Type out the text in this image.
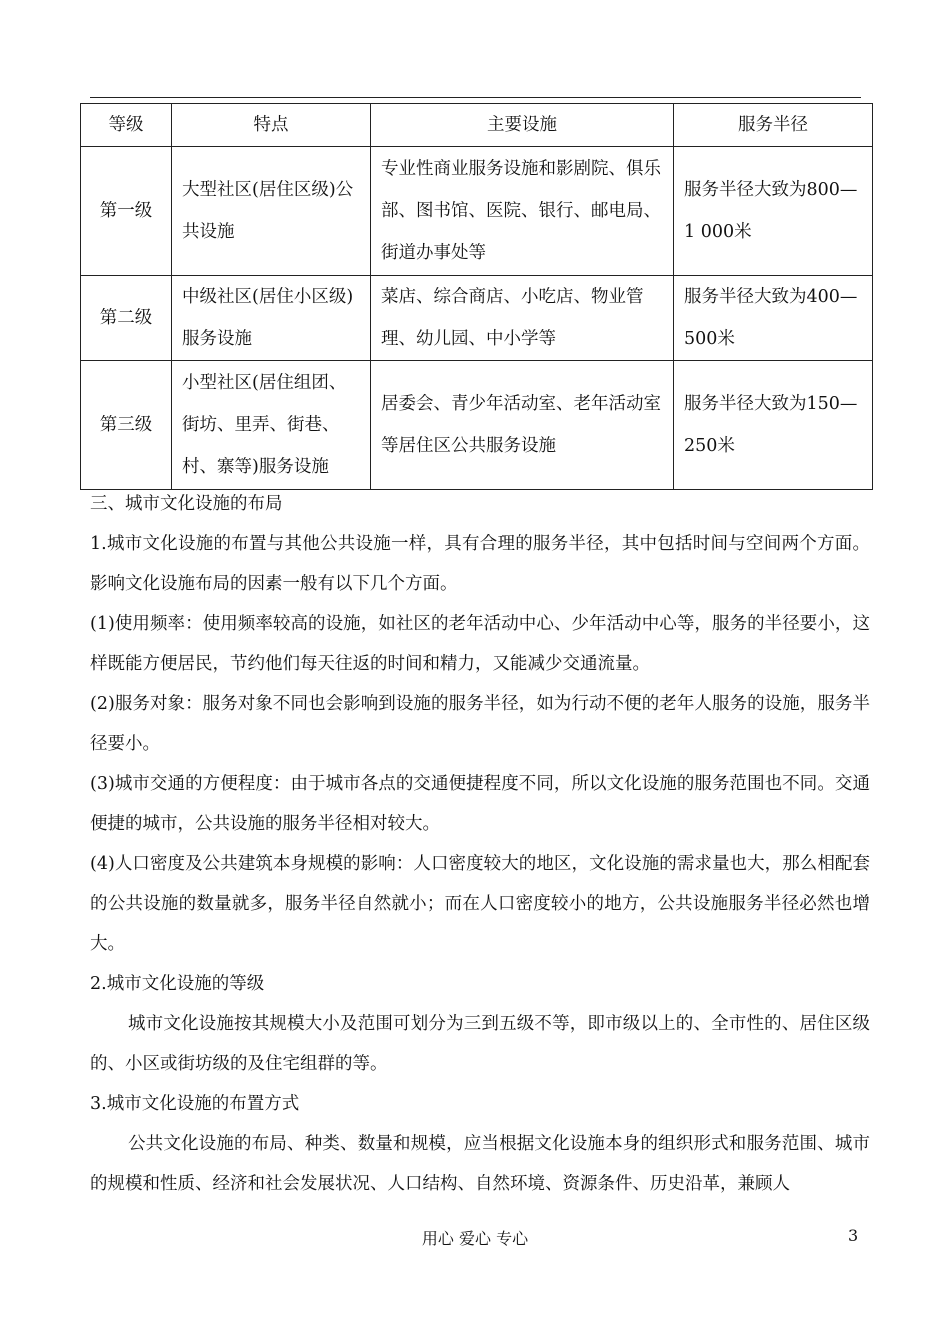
等级	特点	主要设施	服务半径
第一级	大型社区(居住区级)公共设施	专业性商业服务设施和影剧院、俱乐部、图书馆、医院、银行、邮电局、街道办事处等	服务半径大致为800—1 000米
第二级	中级社区(居住小区级)服务设施	菜店、综合商店、小吃店、物业管理、幼儿园、中小学等	服务半径大致为400—500米
第三级	小型社区(居住组团、街坊、里弄、街巷、村、寨等)服务设施	居委会、青少年活动室、老年活动室等居住区公共服务设施	服务半径大致为150—250米

三、城市文化设施的布局

1.城市文化设施的布置与其他公共设施一样，具有合理的服务半径，其中包括时间与空间两个方面。影响文化设施布局的因素一般有以下几个方面。

(1)使用频率：使用频率较高的设施，如社区的老年活动中心、少年活动中心等，服务的半径要小，这样既能方便居民，节约他们每天往返的时间和精力，又能减少交通流量。

(2)服务对象：服务对象不同也会影响到设施的服务半径，如为行动不便的老年人服务的设施，服务半径要小。

(3)城市交通的方便程度：由于城市各点的交通便捷程度不同，所以文化设施的服务范围也不同。交通便捷的城市，公共设施的服务半径相对较大。

(4)人口密度及公共建筑本身规模的影响：人口密度较大的地区，文化设施的需求量也大，那么相配套的公共设施的数量就多，服务半径自然就小；而在人口密度较小的地方，公共设施服务半径必然也增大。

2.城市文化设施的等级

城市文化设施按其规模大小及范围可划分为三到五级不等，即市级以上的、全市性的、居住区级的、小区或街坊级的及住宅组群的等。

3.城市文化设施的布置方式

公共文化设施的布局、种类、数量和规模，应当根据文化设施本身的组织形式和服务范围、城市的规模和性质、经济和社会发展状况、人口结构、自然环境、资源条件、历史沿革，兼顾人

用心 爱心 专心	3
